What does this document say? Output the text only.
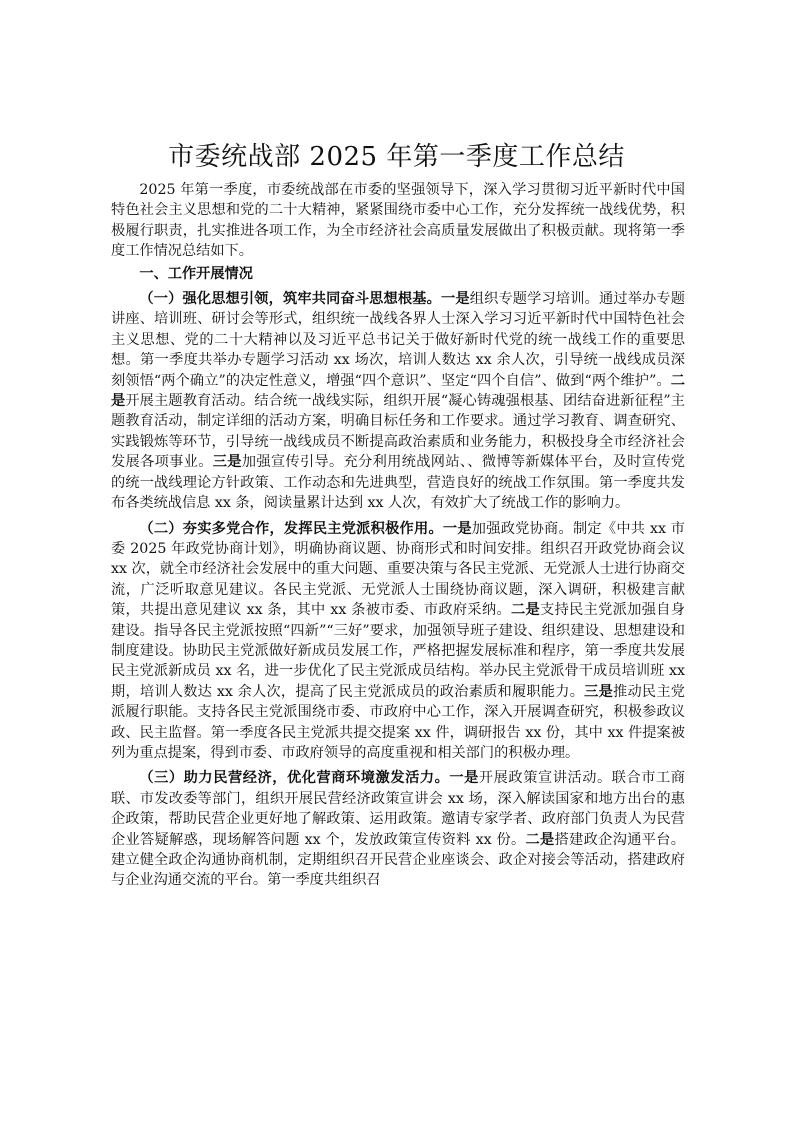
市委统战部 2025 年第一季度工作总结

2025 年第一季度，市委统战部在市委的坚强领导下，深入学习贯彻习近平新时代中国特色社会主义思想和党的二十大精神，紧紧围绕市委中心工作，充分发挥统一战线优势，积极履行职责，扎实推进各项工作，为全市经济社会高质量发展做出了积极贡献。现将第一季度工作情况总结如下。

一、工作开展情况

（一）强化思想引领，筑牢共同奋斗思想根基。一是组织专题学习培训。通过举办专题讲座、培训班、研讨会等形式，组织统一战线各界人士深入学习习近平新时代中国特色社会主义思想、党的二十大精神以及习近平总书记关于做好新时代党的统一战线工作的重要思想。第一季度共举办专题学习活动 xx 场次，培训人数达 xx 余人次，引导统一战线成员深刻领悟“两个确立”的决定性意义，增强“四个意识”、坚定“四个自信”、做到“两个维护”。二是开展主题教育活动。结合统一战线实际，组织开展“凝心铸魂强根基、团结奋进新征程”主题教育活动，制定详细的活动方案，明确目标任务和工作要求。通过学习教育、调查研究、实践锻炼等环节，引导统一战线成员不断提高政治素质和业务能力，积极投身全市经济社会发展各项事业。三是加强宣传引导。充分利用统战网站、、微博等新媒体平台，及时宣传党的统一战线理论方针政策、工作动态和先进典型，营造良好的统战工作氛围。第一季度共发布各类统战信息 xx 条，阅读量累计达到 xx 人次，有效扩大了统战工作的影响力。

（二）夯实多党合作，发挥民主党派积极作用。一是加强政党协商。制定《中共 xx 市委 2025 年政党协商计划》，明确协商议题、协商形式和时间安排。组织召开政党协商会议 xx 次，就全市经济社会发展中的重大问题、重要决策与各民主党派、无党派人士进行协商交流，广泛听取意见建议。各民主党派、无党派人士围绕协商议题，深入调研，积极建言献策，共提出意见建议 xx 条，其中 xx 条被市委、市政府采纳。二是支持民主党派加强自身建设。指导各民主党派按照“四新”“三好”要求，加强领导班子建设、组织建设、思想建设和制度建设。协助民主党派做好新成员发展工作，严格把握发展标准和程序，第一季度共发展民主党派新成员 xx 名，进一步优化了民主党派成员结构。举办民主党派骨干成员培训班 xx 期，培训人数达 xx 余人次，提高了民主党派成员的政治素质和履职能力。三是推动民主党派履行职能。支持各民主党派围绕市委、市政府中心工作，深入开展调查研究，积极参政议政、民主监督。第一季度各民主党派共提交提案 xx 件，调研报告 xx 份，其中 xx 件提案被列为重点提案，得到市委、市政府领导的高度重视和相关部门的积极办理。

（三）助力民营经济，优化营商环境激发活力。一是开展政策宣讲活动。联合市工商联、市发改委等部门，组织开展民营经济政策宣讲会 xx 场，深入解读国家和地方出台的惠企政策，帮助民营企业更好地了解政策、运用政策。邀请专家学者、政府部门负责人为民营企业答疑解惑，现场解答问题 xx 个，发放政策宣传资料 xx 份。二是搭建政企沟通平台。建立健全政企沟通协商机制，定期组织召开民营企业座谈会、政企对接会等活动，搭建政府与企业沟通交流的平台。第一季度共组织召
